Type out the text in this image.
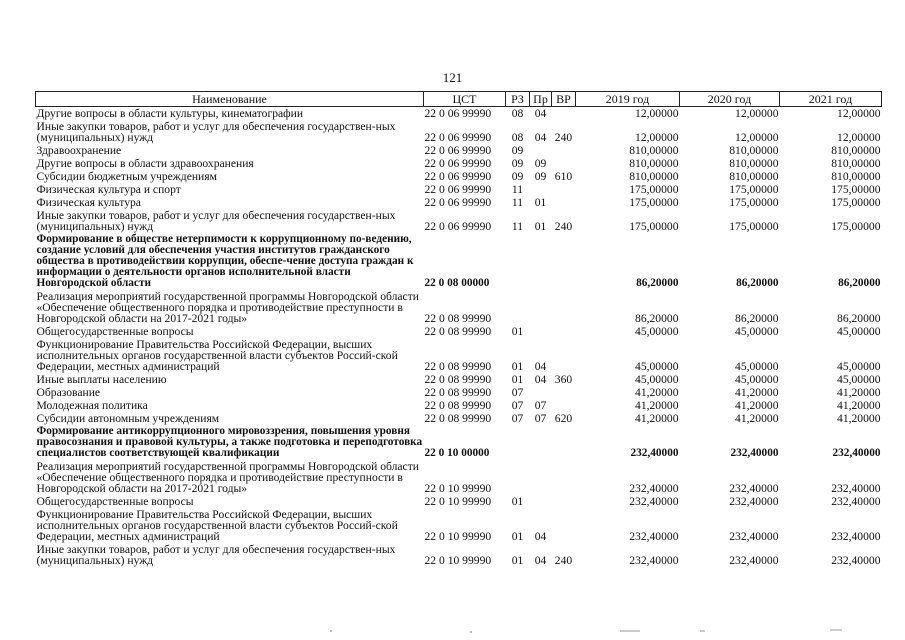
121
Наименование	ЦСТ	РЗ	Пр	ВР	2019 год	2020 год	2021 год
Другие вопросы в области культуры, кинематографии	22 0 06 99990	08	04		12,00000	12,00000	12,00000
Иные закупки товаров, работ и услуг для обеспечения государствен-ных (муниципальных) нужд	22 0 06 99990	08	04	240	12,00000	12,00000	12,00000
Здравоохранение	22 0 06 99990	09			810,00000	810,00000	810,00000
Другие вопросы в области здравоохранения	22 0 06 99990	09	09		810,00000	810,00000	810,00000
Субсидии бюджетным учреждениям	22 0 06 99990	09	09	610	810,00000	810,00000	810,00000
Физическая культура и спорт	22 0 06 99990	11			175,00000	175,00000	175,00000
Физическая культура	22 0 06 99990	11	01		175,00000	175,00000	175,00000
Иные закупки товаров, работ и услуг для обеспечения государствен-ных (муниципальных) нужд	22 0 06 99990	11	01	240	175,00000	175,00000	175,00000
Формирование в обществе нетерпимости к коррупционному по-ведению, создание условий для обеспечения участия институтов гражданского общества в противодействии коррупции, обеспе-чение доступа граждан к информации о деятельности органов исполнительной власти Новгородской области	22 0 08 00000				86,20000	86,20000	86,20000
Реализация мероприятий государственной программы Новгородской области «Обеспечение общественного порядка и противодействие преступности в Новгородской области на 2017-2021 годы»	22 0 08 99990				86,20000	86,20000	86,20000
Общегосударственные вопросы	22 0 08 99990	01			45,00000	45,00000	45,00000
Функционирование Правительства Российской Федерации, высших исполнительных органов государственной власти субъектов Россий-ской Федерации, местных администраций	22 0 08 99990	01	04		45,00000	45,00000	45,00000
Иные выплаты населению	22 0 08 99990	01	04	360	45,00000	45,00000	45,00000
Образование	22 0 08 99990	07			41,20000	41,20000	41,20000
Молодежная политика	22 0 08 99990	07	07		41,20000	41,20000	41,20000
Субсидии автономным учреждениям	22 0 08 99990	07	07	620	41,20000	41,20000	41,20000
Формирование антикоррупционного мировоззрения, повышения уровня правосознания и правовой культуры, а также подготовка и переподготовка специалистов соответствующей квалификации	22 0 10 00000				232,40000	232,40000	232,40000
Реализация мероприятий государственной программы Новгородской области «Обеспечение общественного порядка и противодействие преступности в Новгородской области на 2017-2021 годы»	22 0 10 99990				232,40000	232,40000	232,40000
Общегосударственные вопросы	22 0 10 99990	01			232,40000	232,40000	232,40000
Функционирование Правительства Российской Федерации, высших исполнительных органов государственной власти субъектов Россий-ской Федерации, местных администраций	22 0 10 99990	01	04		232,40000	232,40000	232,40000
Иные закупки товаров, работ и услуг для обеспечения государствен-ных (муниципальных) нужд	22 0 10 99990	01	04	240	232,40000	232,40000	232,40000
